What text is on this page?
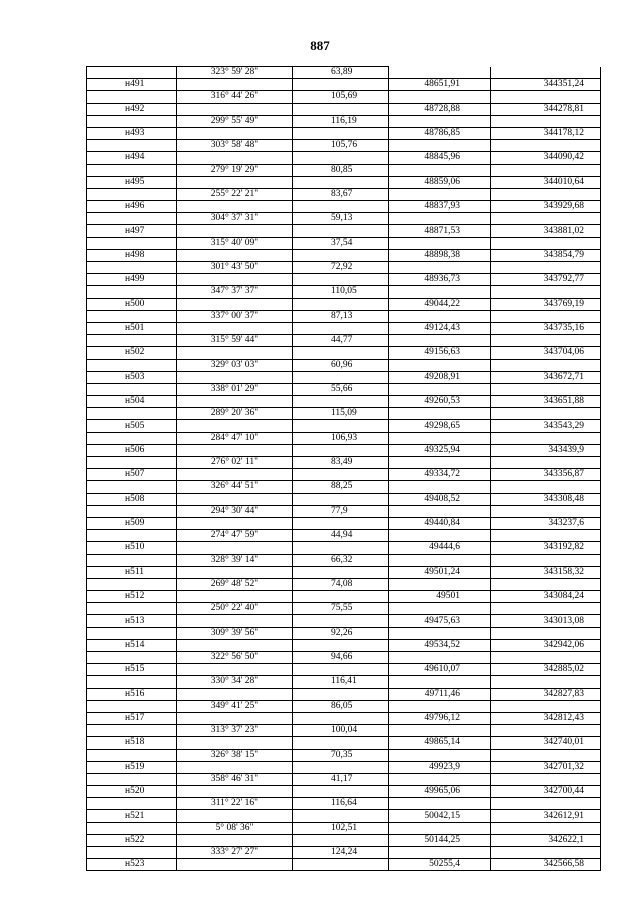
887
	323° 59' 28"	63,89		
н491			48651,91	344351,24
	316° 44' 26"	105,69		
н492			48728,88	344278,81
	299° 55' 49"	116,19		
н493			48786,85	344178,12
	303° 58' 48"	105,76		
н494			48845,96	344090,42
	279° 19' 29"	80,85		
н495			48859,06	344010,64
	255° 22' 21"	83,67		
н496			48837,93	343929,68
	304° 37' 31"	59,13		
н497			48871,53	343881,02
	315° 40' 09"	37,54		
н498			48898,38	343854,79
	301° 43' 50"	72,92		
н499			48936,73	343792,77
	347° 37' 37"	110,05		
н500			49044,22	343769,19
	337° 00' 37"	87,13		
н501			49124,43	343735,16
	315° 59' 44"	44,77		
н502			49156,63	343704,06
	329° 03' 03"	60,96		
н503			49208,91	343672,71
	338° 01' 29"	55,66		
н504			49260,53	343651,88
	289° 20' 36"	115,09		
н505			49298,65	343543,29
	284° 47' 10"	106,93		
н506			49325,94	343439,9
	276° 02' 11"	83,49		
н507			49334,72	343356,87
	326° 44' 51"	88,25		
н508			49408,52	343308,48
	294° 30' 44"	77,9		
н509			49440,84	343237,6
	274° 47' 59"	44,94		
н510			49444,6	343192,82
	328° 39' 14"	66,32		
н511			49501,24	343158,32
	269° 48' 52"	74,08		
н512			49501	343084,24
	250° 22' 40"	75,55		
н513			49475,63	343013,08
	309° 39' 56"	92,26		
н514			49534,52	342942,06
	322° 56' 50"	94,66		
н515			49610,07	342885,02
	330° 34' 28"	116,41		
н516			49711,46	342827,83
	349° 41' 25"	86,05		
н517			49796,12	342812,43
	313° 37' 23"	100,04		
н518			49865,14	342740,01
	326° 38' 15"	70,35		
н519			49923,9	342701,32
	358° 46' 31"	41,17		
н520			49965,06	342700,44
	311° 22' 16"	116,64		
н521			50042,15	342612,91
	5° 08' 36"	102,51		
н522			50144,25	342622,1
	333° 27' 27"	124,24		
н523			50255,4	342566,58
